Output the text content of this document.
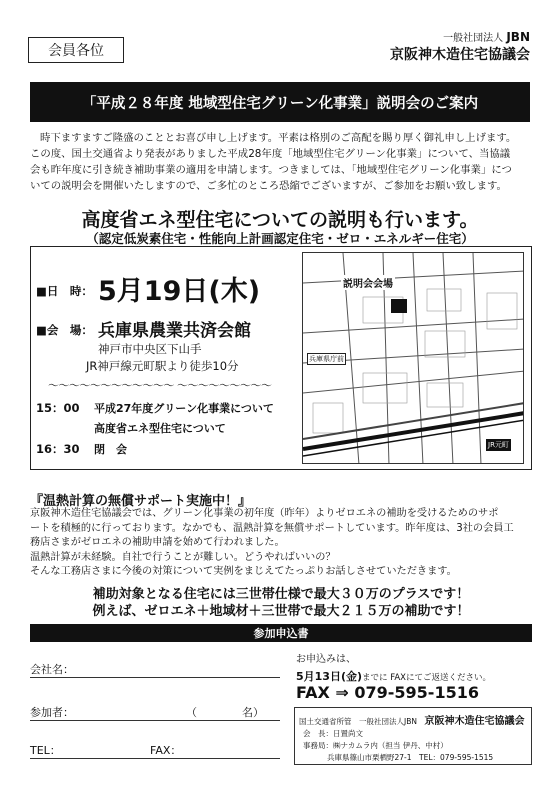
会員各位
一般社団法人 JBN
京阪神木造住宅協議会
「平成２８年度 地域型住宅グリーン化事業」説明会のご案内

時下ますますご隆盛のこととお喜び申し上げます。平素は格別のご高配を賜り厚く御礼申し上げます。

この度、国土交通省より発表がありました平成28年度「地域型住宅グリーン化事業」について、当協議

会も昨年度に引き続き補助事業の適用を申請します。つきましては、「地域型住宅グリーン化事業」につ

いての説明会を開催いたしますので、ご多忙のところ恐縮でございますが、ご参加をお願い致します。

高度省エネ型住宅についての説明も行います。
（認定低炭素住宅・性能向上計画認定住宅・ゼロ・エネルギー住宅）
■日　時： 5月19日(木)
■会　場： 兵庫県農業共済会館
神戸市中央区下山手
JR神戸線元町駅より徒歩10分
～～～～～～～～～～～～ ～～～～～～～～～
15：00 平成27年度グリーン化事業について
高度省エネ型住宅について
16：30 閉　会
説明会会場
兵庫県庁前
JR元町
『温熱計算の無償サポート実施中！』

京阪神木造住宅協議会では、グリーン化事業の初年度（昨年）よりゼロエネの補助を受けるためのサポ

ートを積極的に行っております。なかでも、温熱計算を無償サポートしています。昨年度は、3社の会員工

務店さまがゼロエネの補助申請を始めて行われました。

温熱計算が未経験。自社で行うことが難しい。どうやればいいの？

そんな工務店さまに今後の対策について実例をまじえてたっぷりお話しさせていただきます。

補助対象となる住宅には三世帯仕様で最大３０万のプラスです！
例えば、ゼロエネ＋地域材＋三世帯で最大２１５万の補助です！
参加申込書
会社名：
参加者：	（	名）
TEL：	FAX：
お申込みは、
5月13日(金)までに FAXにてご返送ください。
FAX ⇒ 079-595-1516
国土交通省所管　一般社団法人JBN　 京阪神木造住宅協議会
会　長：日置尚文
事務局：㈱ナカムラ内（担当 伊丹、中村）
兵庫県篠山市栗栖野27-1　TEL：079-595-1515
